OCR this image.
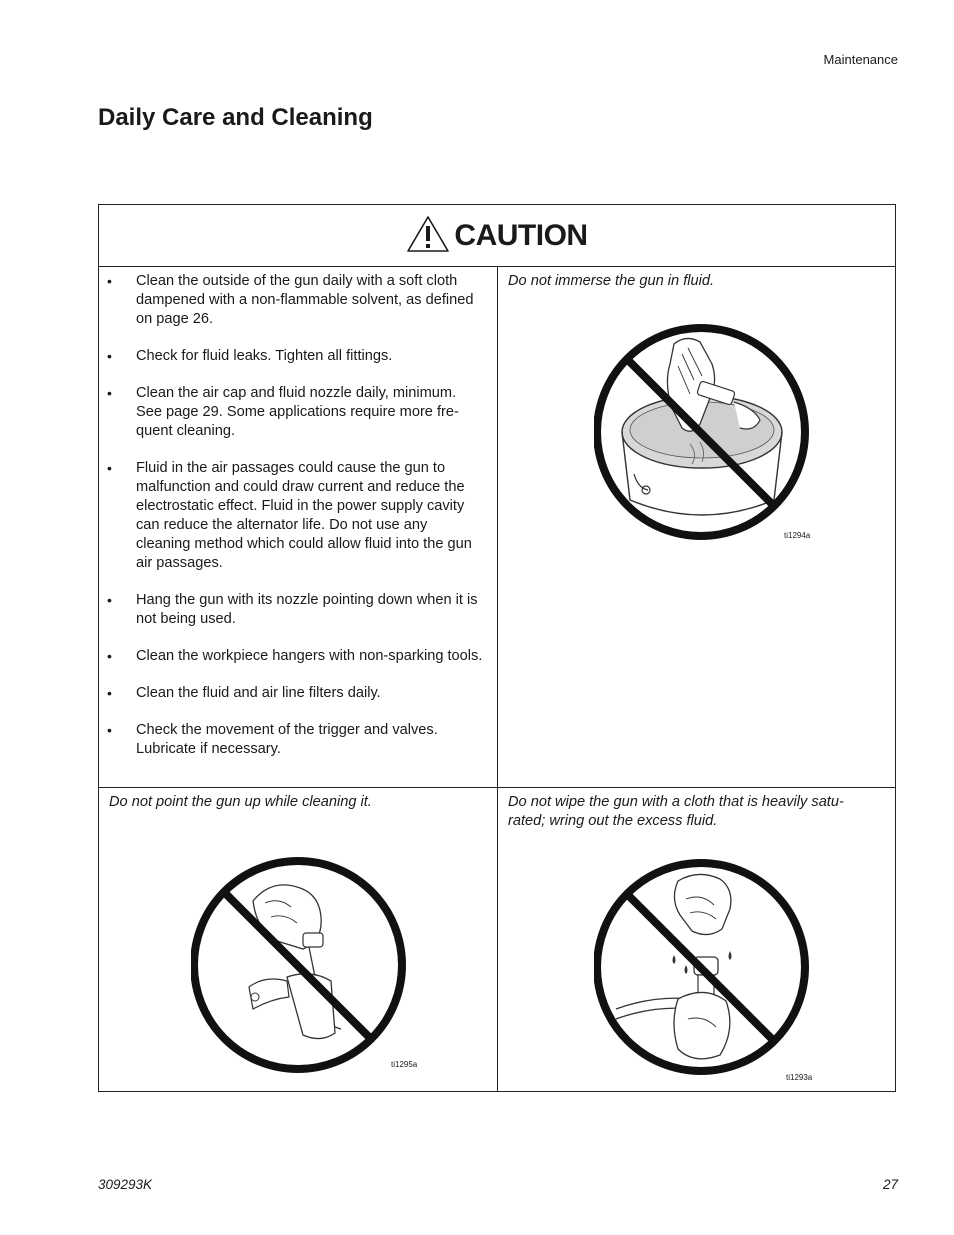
Maintenance
Daily Care and Cleaning
CAUTION
• Clean the outside of the gun daily with a soft cloth dampened with a non-flammable solvent, as defined on page 26.
• Check for fluid leaks. Tighten all fittings.
• Clean the air cap and fluid nozzle daily, minimum. See page 29. Some applications require more fre-quent cleaning.
• Fluid in the air passages could cause the gun to malfunction and could draw current and reduce the electrostatic effect. Fluid in the power supply cavity can reduce the alternator life. Do not use any cleaning method which could allow fluid into the gun air passages.
• Hang the gun with its nozzle pointing down when it is not being used.
• Clean the workpiece hangers with non-sparking tools.
• Clean the fluid and air line filters daily.
• Check the movement of the trigger and valves. Lubricate if necessary.
Do not immerse the gun in fluid.
ti1294a
Do not point the gun up while cleaning it.
ti1295a
Do not wipe the gun with a cloth that is heavily satu-rated; wring out the excess fluid.
ti1293a
309293K	27
